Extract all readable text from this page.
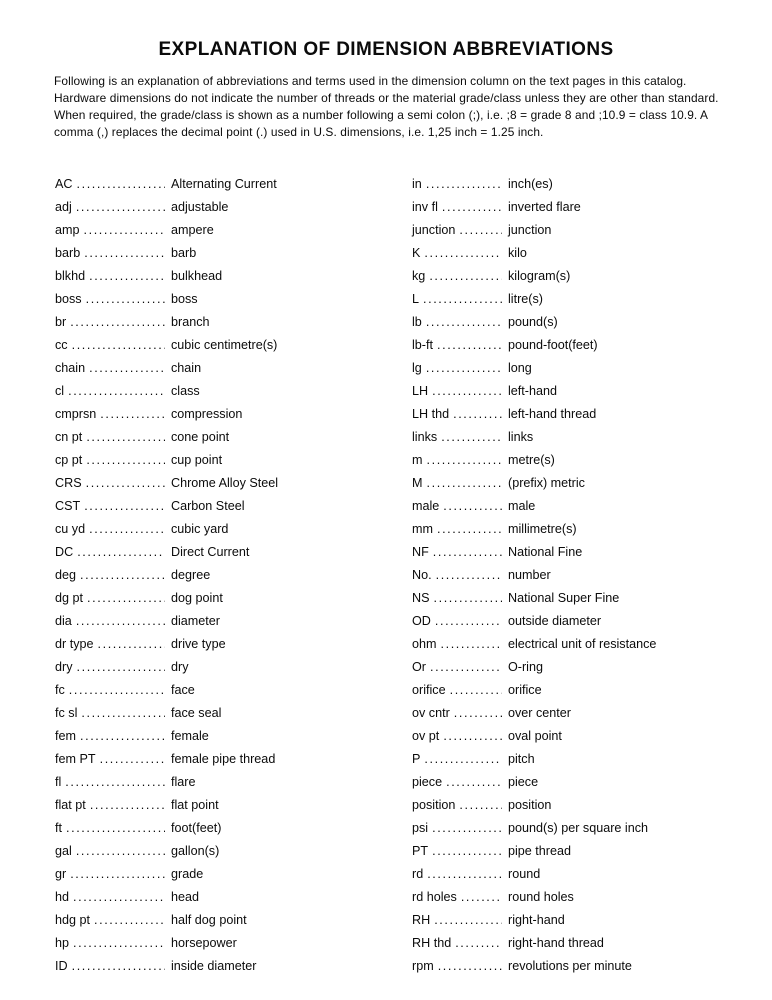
EXPLANATION OF DIMENSION ABBREVIATIONS

Following is an explanation of abbreviations and terms used in the dimension column on the text pages in this catalog. Hardware dimensions do not indicate the number of threads or the material grade/class unless they are other than standard. When required, the grade/class is shown as a number following a semi colon (;), i.e. ;8 = grade 8 and ;10.9 = class 10.9. A comma (,) replaces the decimal point (.) used in U.S. dimensions, i.e. 1,25 inch = 1.25 inch.

AC .....	Alternating Current
adj .....	adjustable
amp .....	ampere
barb .....	barb
blkhd .....	bulkhead
boss .....	boss
br .....	branch
cc .....	cubic centimetre(s)
chain .....	chain
cl .....	class
cmprsn .....	compression
cn pt .....	cone point
cp pt .....	cup point
CRS .....	Chrome Alloy Steel
CST .....	Carbon Steel
cu yd .....	cubic yard
DC .....	Direct Current
deg .....	degree
dg pt .....	dog point
dia .....	diameter
dr type .....	drive type
dry .....	dry
fc .....	face
fc sl .....	face seal
fem .....	female
fem PT .....	female pipe thread
fl .....	flare
flat pt .....	flat point
ft .....	foot(feet)
gal .....	gallon(s)
gr .....	grade
hd .....	head
hdg pt .....	half dog point
hp .....	horsepower
ID .....	inside diameter
in .....	inch(es)
inv fl .....	inverted flare
junction .....	junction
K .....	kilo
kg .....	kilogram(s)
L .....	litre(s)
lb .....	pound(s)
lb-ft .....	pound-foot(feet)
lg .....	long
LH .....	left-hand
LH thd .....	left-hand thread
links .....	links
m .....	metre(s)
M .....	(prefix) metric
male .....	male
mm .....	millimetre(s)
NF .....	National Fine
No. .....	number
NS .....	National Super Fine
OD .....	outside diameter
ohm .....	electrical unit of resistance
Or .....	O-ring
orifice .....	orifice
ov cntr .....	over center
ov pt .....	oval point
P .....	pitch
piece .....	piece
position .....	position
psi .....	pound(s) per square inch
PT .....	pipe thread
rd .....	round
rd holes .....	round holes
RH .....	right-hand
RH thd .....	right-hand thread
rpm .....	revolutions per minute
